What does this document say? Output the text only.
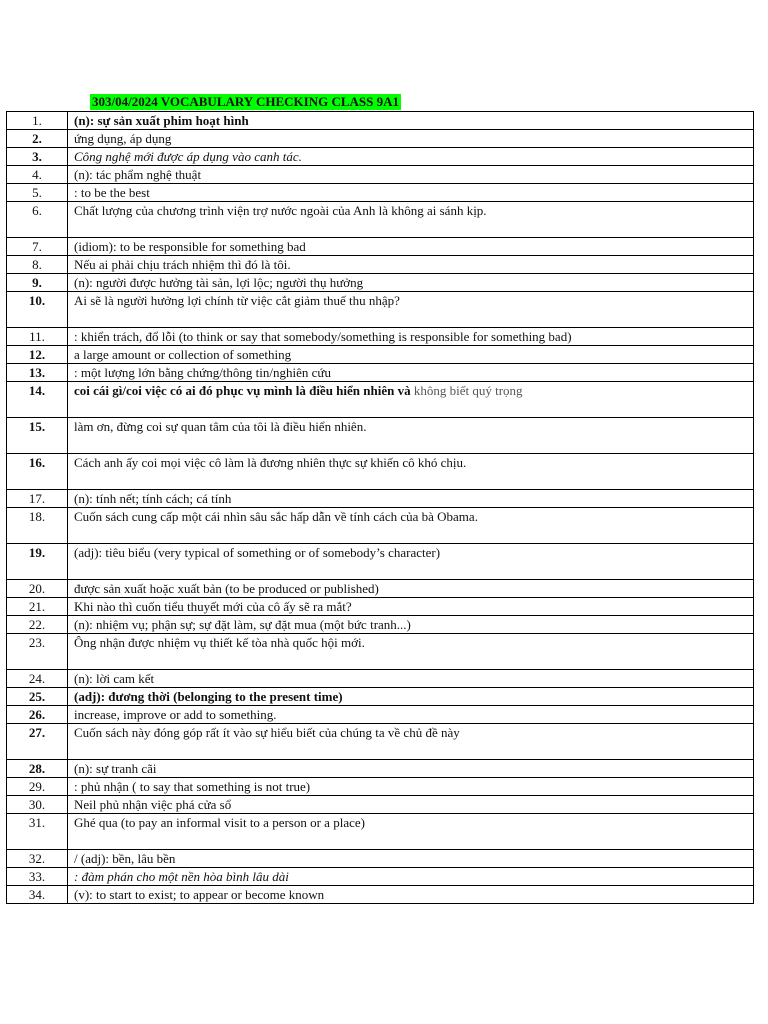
303/04/2024 VOCABULARY CHECKING CLASS 9A1
1.	(n): sự sản xuất phim hoạt hình
2.	ứng dụng, áp dụng
3.	Công nghệ mới được áp dụng vào canh tác.
4.	(n): tác phẩm nghệ thuật
5.	: to be the best
6.	Chất lượng của chương trình viện trợ nước ngoài của Anh là không ai sánh kịp.
7.	(idiom): to be responsible for something bad
8.	Nếu ai phải chịu trách nhiệm thì đó là tôi.
9.	(n): người được hưởng tài sản, lợi lộc; người thụ hưởng
10.	Ai sẽ là người hưởng lợi chính từ việc cắt giảm thuế thu nhập?
11.	: khiển trách, đổ lỗi (to think or say that somebody/something is responsible for something bad)
12.	a large amount or collection of something
13.	: một lượng lớn bằng chứng/thông tin/nghiên cứu
14.	coi cái gì/coi việc có ai đó phục vụ mình là điều hiển nhiên và không biết quý trọng
15.	làm ơn, đừng coi sự quan tâm của tôi là điều hiển nhiên.
16.	Cách anh ấy coi mọi việc cô làm là đương nhiên thực sự khiến cô khó chịu.
17.	(n): tính nết; tính cách; cá tính
18.	Cuốn sách cung cấp một cái nhìn sâu sắc hấp dẫn về tính cách của bà Obama.
19.	(adj): tiêu biểu (very typical of something or of somebody’s character)
20.	được sản xuất hoặc xuất bản (to be produced or published)
21.	Khi nào thì cuốn tiểu thuyết mới của cô ấy sẽ ra mắt?
22.	(n): nhiệm vụ; phận sự; sự đặt làm, sự đặt mua (một bức tranh...)
23.	Ông nhận được nhiệm vụ thiết kế tòa nhà quốc hội mới.
24.	(n): lời cam kết
25.	(adj): đương thời (belonging to the present time)
26.	increase, improve or add to something.
27.	Cuốn sách này đóng góp rất ít vào sự hiểu biết của chúng ta về chủ đề này
28.	(n): sự tranh cãi
29.	: phủ nhận ( to say that something is not true)
30.	Neil phủ nhận việc phá cửa sổ
31.	Ghé qua (to pay an informal visit to a person or a place)
32.	/ (adj): bền, lâu bền
33.	: đàm phán cho một nền hòa bình lâu dài
34.	(v): to start to exist; to appear or become known
